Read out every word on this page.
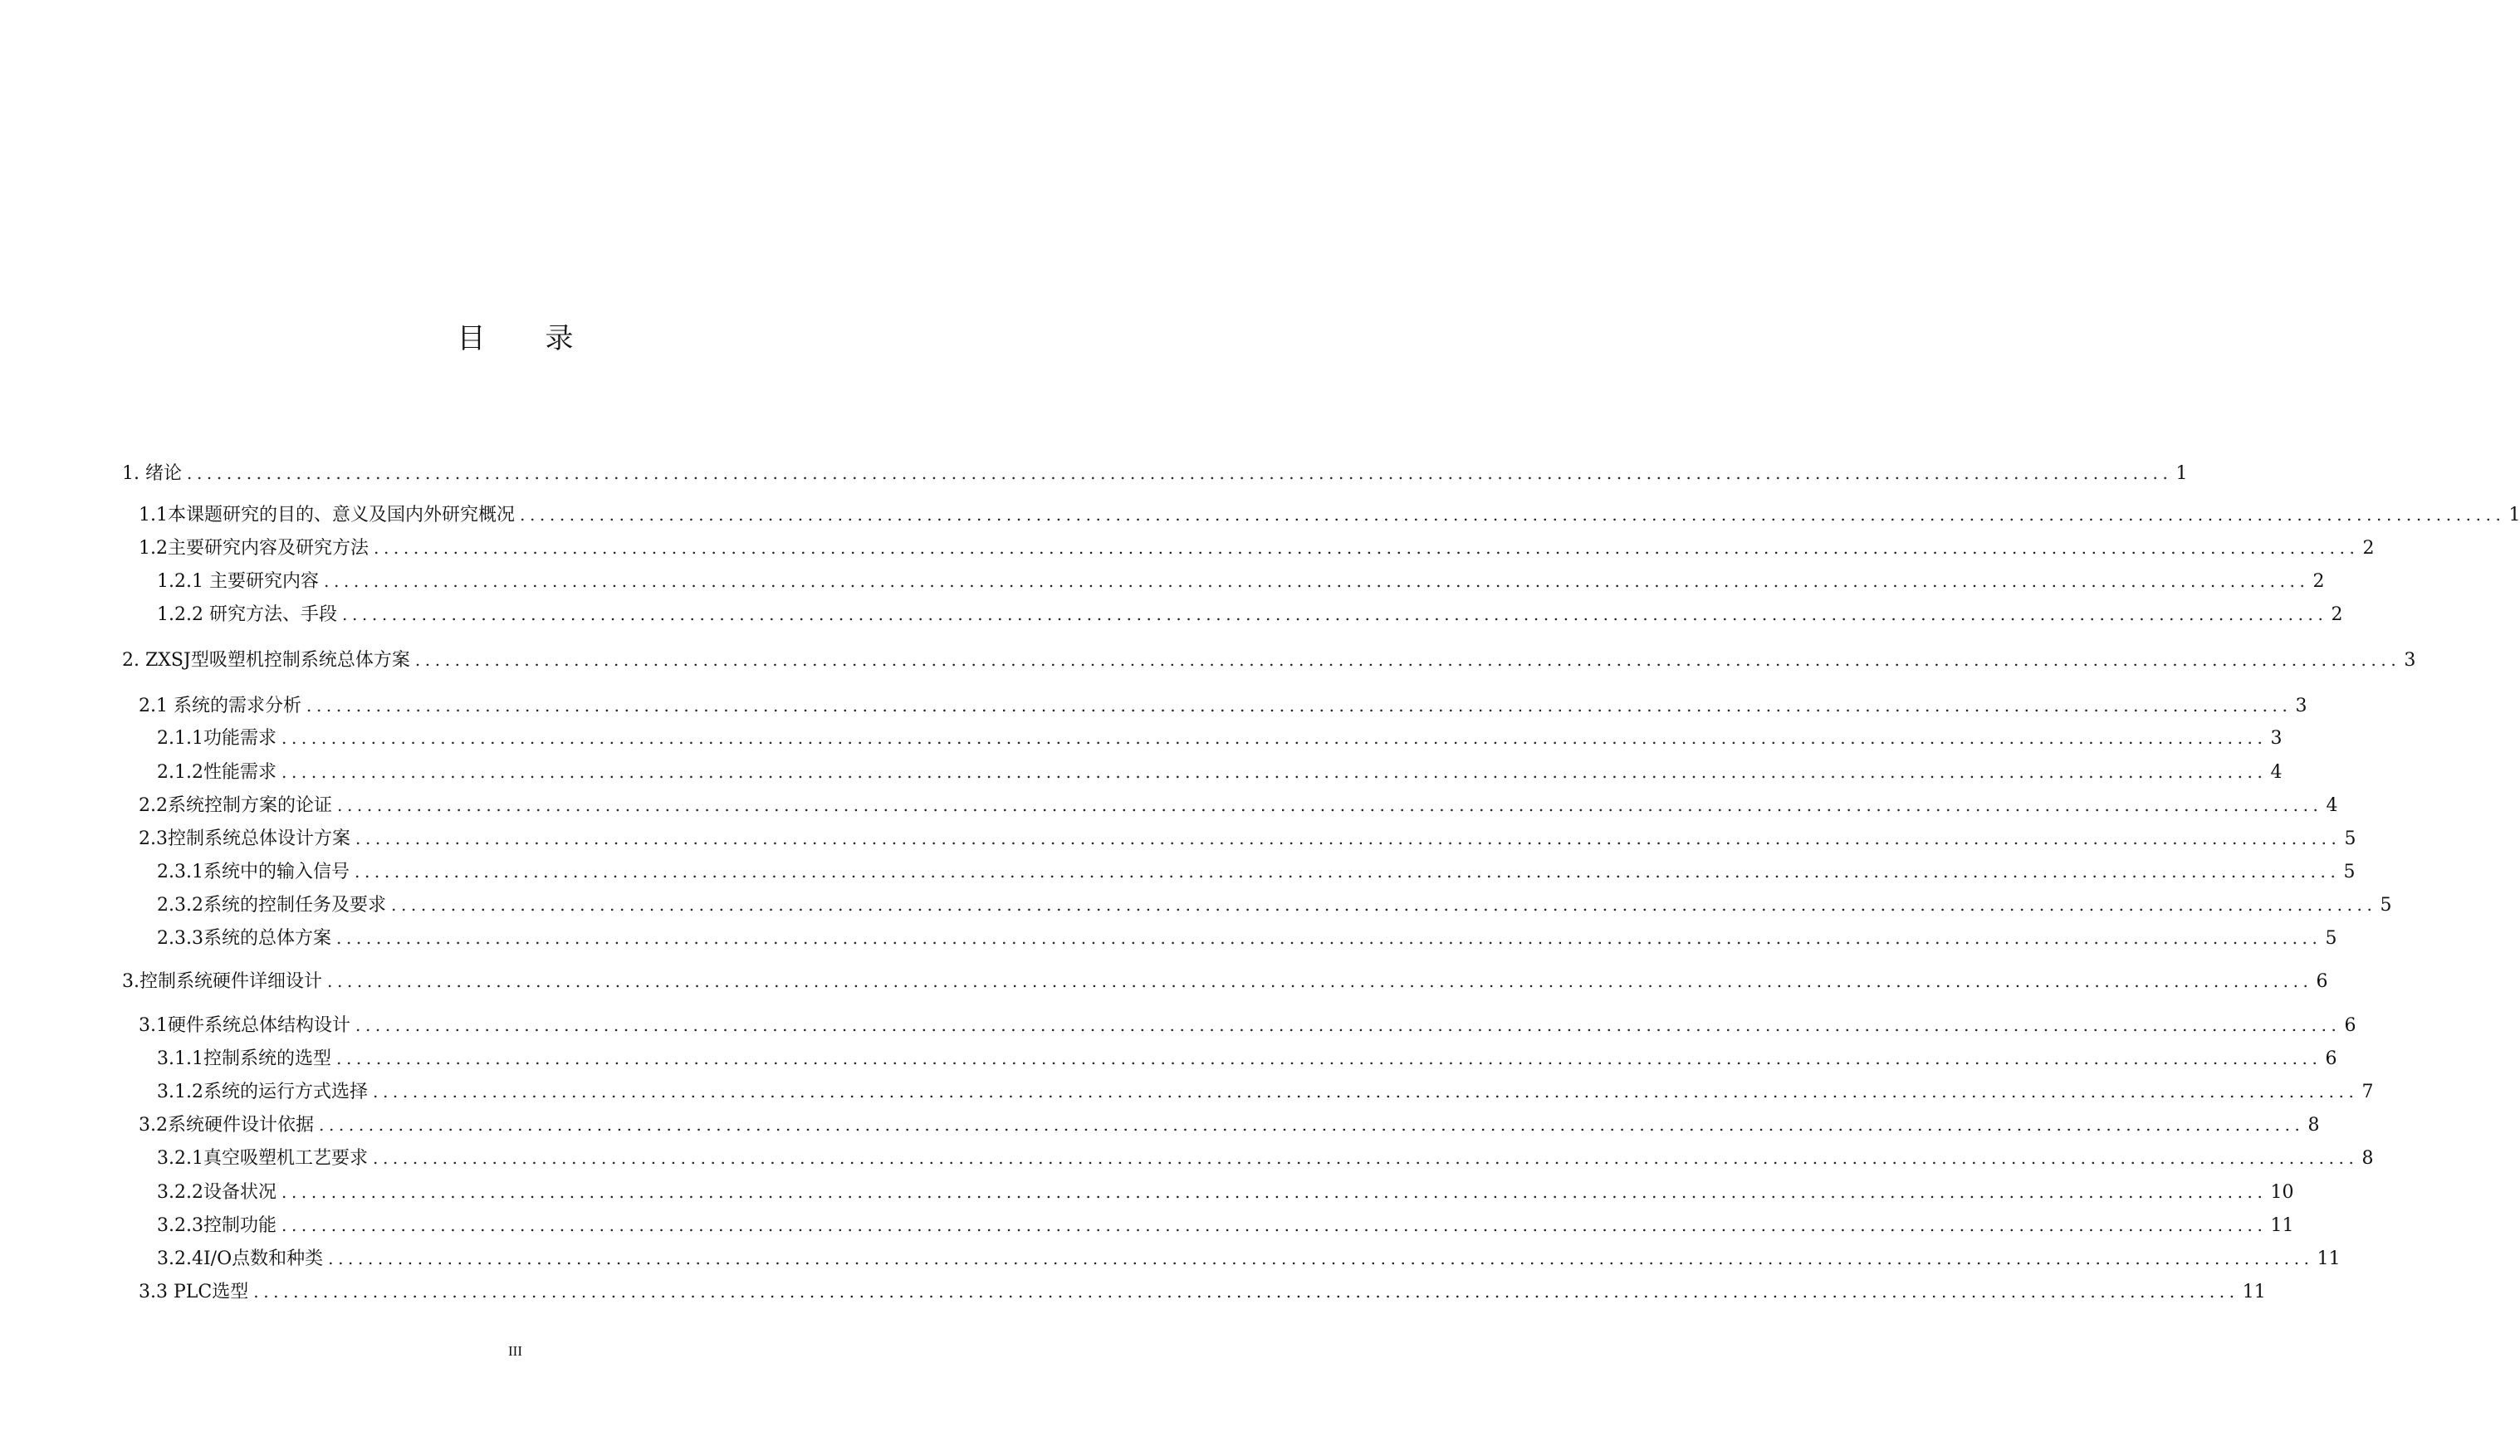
目 录
1. 绪论 ........................................................................................................................................................................................................ 1
1.1本课题研究的目的、意义及国内外研究概况 ........................................................................................................................................................................................................ 1
1.2主要研究内容及研究方法 ........................................................................................................................................................................................................ 2
1.2.1 主要研究内容 ........................................................................................................................................................................................................ 2
1.2.2 研究方法、手段 ........................................................................................................................................................................................................ 2
2. ZXSJ型吸塑机控制系统总体方案 ........................................................................................................................................................................................................ 3
2.1 系统的需求分析 ........................................................................................................................................................................................................ 3
2.1.1功能需求 ........................................................................................................................................................................................................ 3
2.1.2性能需求 ........................................................................................................................................................................................................ 4
2.2系统控制方案的论证 ........................................................................................................................................................................................................ 4
2.3控制系统总体设计方案 ........................................................................................................................................................................................................ 5
2.3.1系统中的输入信号 ........................................................................................................................................................................................................ 5
2.3.2系统的控制任务及要求 ........................................................................................................................................................................................................ 5
2.3.3系统的总体方案 ........................................................................................................................................................................................................ 5
3.控制系统硬件详细设计 ........................................................................................................................................................................................................ 6
3.1硬件系统总体结构设计 ........................................................................................................................................................................................................ 6
3.1.1控制系统的选型 ........................................................................................................................................................................................................ 6
3.1.2系统的运行方式选择 ........................................................................................................................................................................................................ 7
3.2系统硬件设计依据 ........................................................................................................................................................................................................ 8
3.2.1真空吸塑机工艺要求 ........................................................................................................................................................................................................ 8
3.2.2设备状况 ........................................................................................................................................................................................................ 10
3.2.3控制功能 ........................................................................................................................................................................................................ 11
3.2.4I/O点数和种类 ........................................................................................................................................................................................................ 11
3.3 PLC选型 ........................................................................................................................................................................................................ 11
III
